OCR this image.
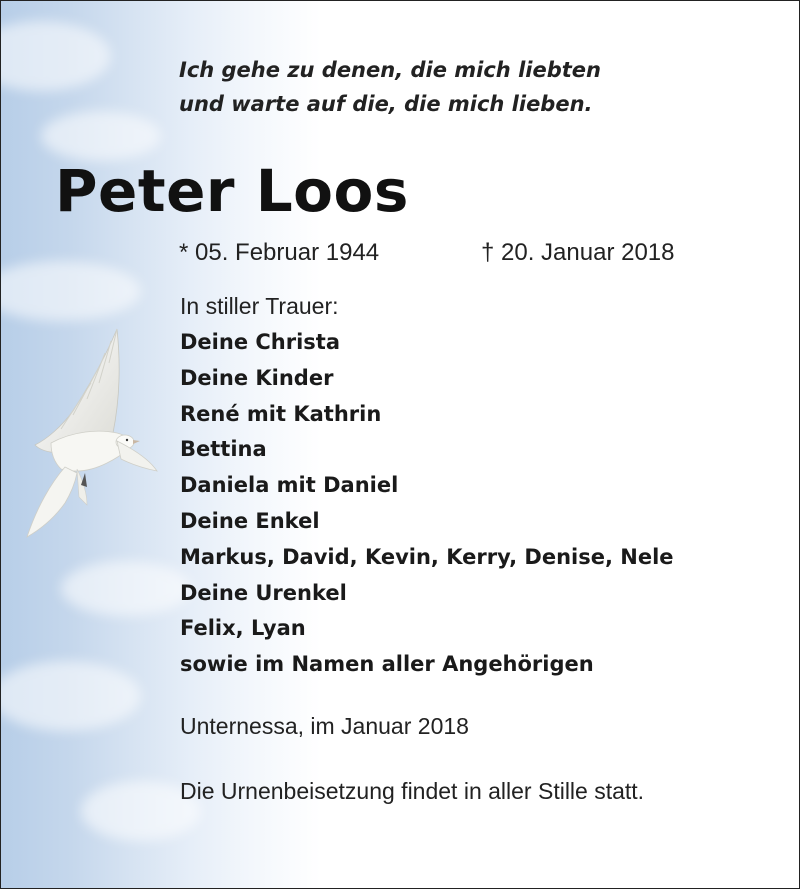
Ich gehe zu denen, die mich liebten
und warte auf die, die mich lieben.
Peter Loos
* 05. Februar 1944	† 20. Januar 2018
In stiller Trauer:
Deine Christa
Deine Kinder
René mit Kathrin
Bettina
Daniela mit Daniel
Deine Enkel
Markus, David, Kevin, Kerry, Denise, Nele
Deine Urenkel
Felix, Lyan
sowie im Namen aller Angehörigen
Unternessa, im Januar 2018
Die Urnenbeisetzung findet in aller Stille statt.
